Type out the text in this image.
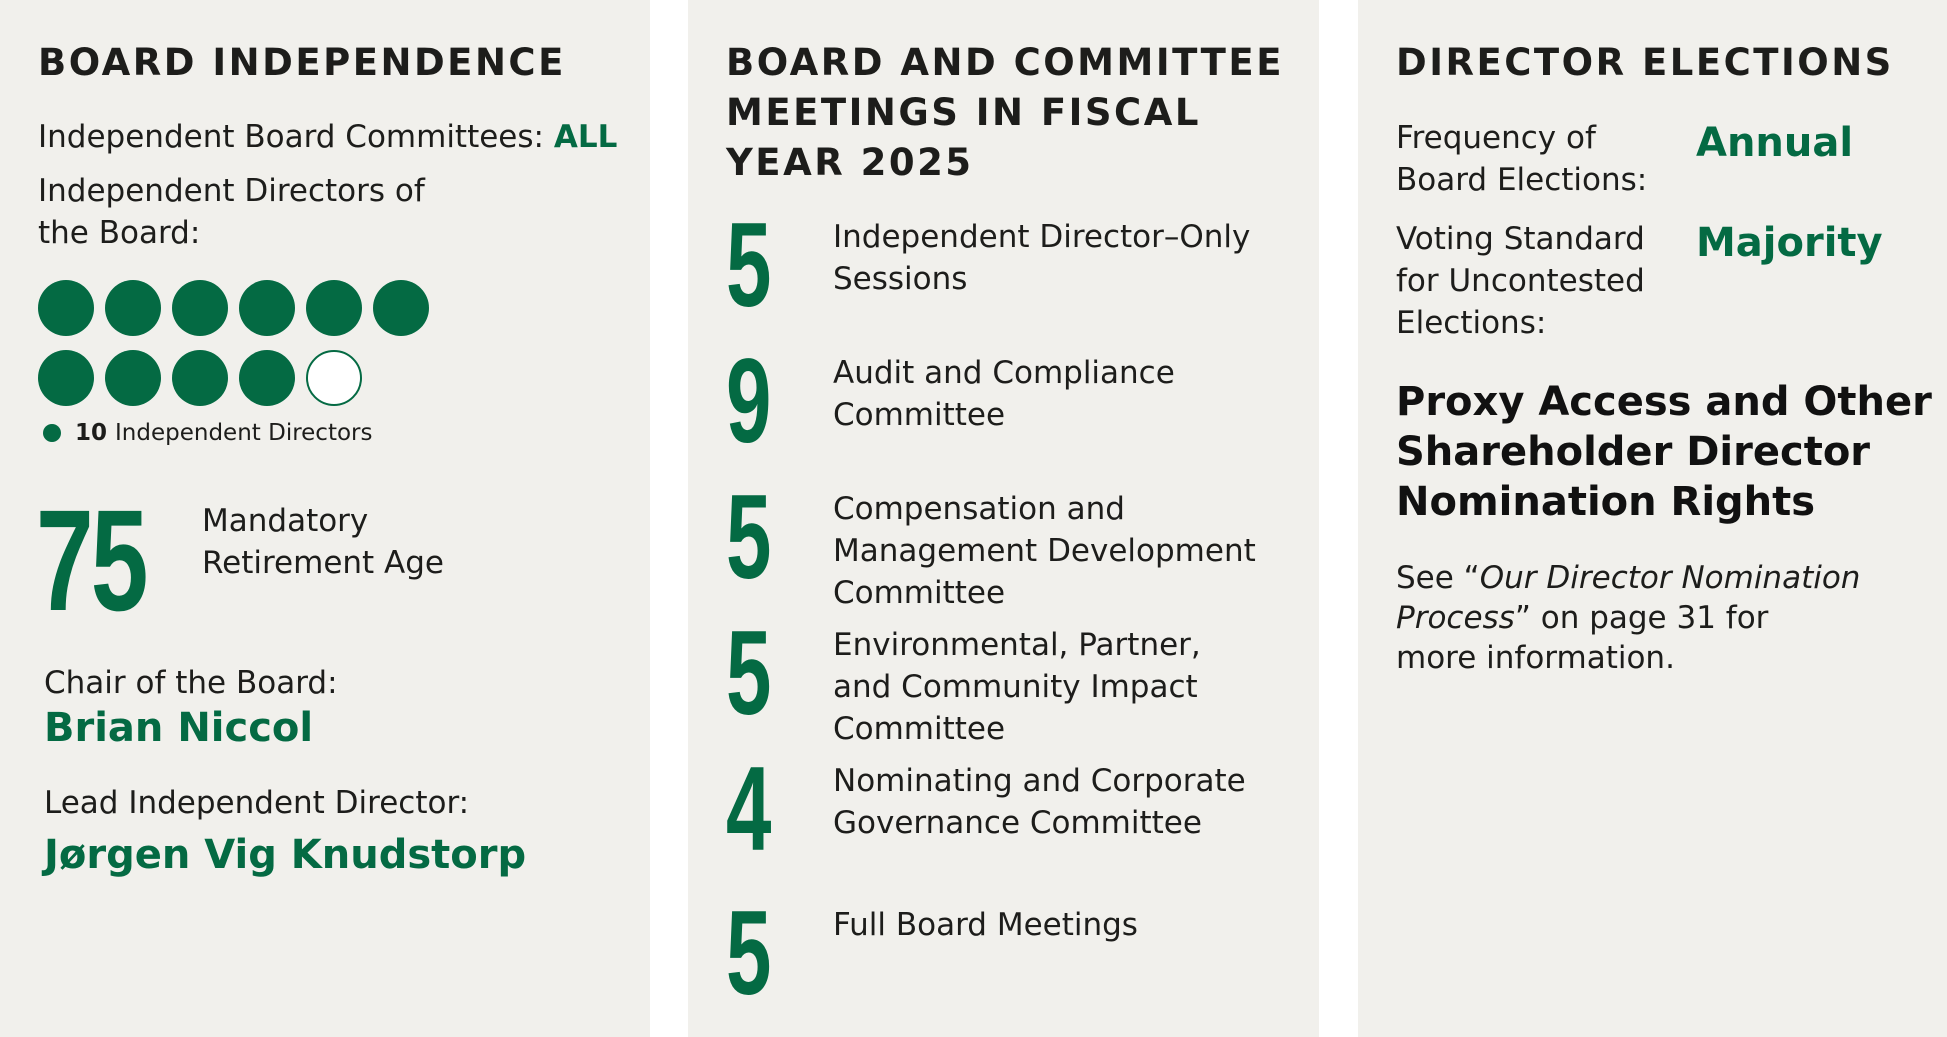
BOARD INDEPENDENCE
Independent Board Committees: ALL
Independent Directors of
the Board:
10 Independent Directors
75 Mandatory
Retirement Age
Chair of the Board:
Brian Niccol
Lead Independent Director:
Jørgen Vig Knudstorp
BOARD AND COMMITTEE
MEETINGS IN FISCAL
YEAR 2025
5 Independent Director–Only
Sessions
9 Audit and Compliance
Committee
5 Compensation and
Management Development
Committee
5 Environmental, Partner,
and Community Impact
Committee
4 Nominating and Corporate
Governance Committee
5 Full Board Meetings
DIRECTOR ELECTIONS
Frequency of
Board Elections:
Annual
Voting Standard
for Uncontested
Elections:
Majority
Proxy Access and Other
Shareholder Director
Nomination Rights
See “Our Director Nomination
Process” on page 31 for
more information.
